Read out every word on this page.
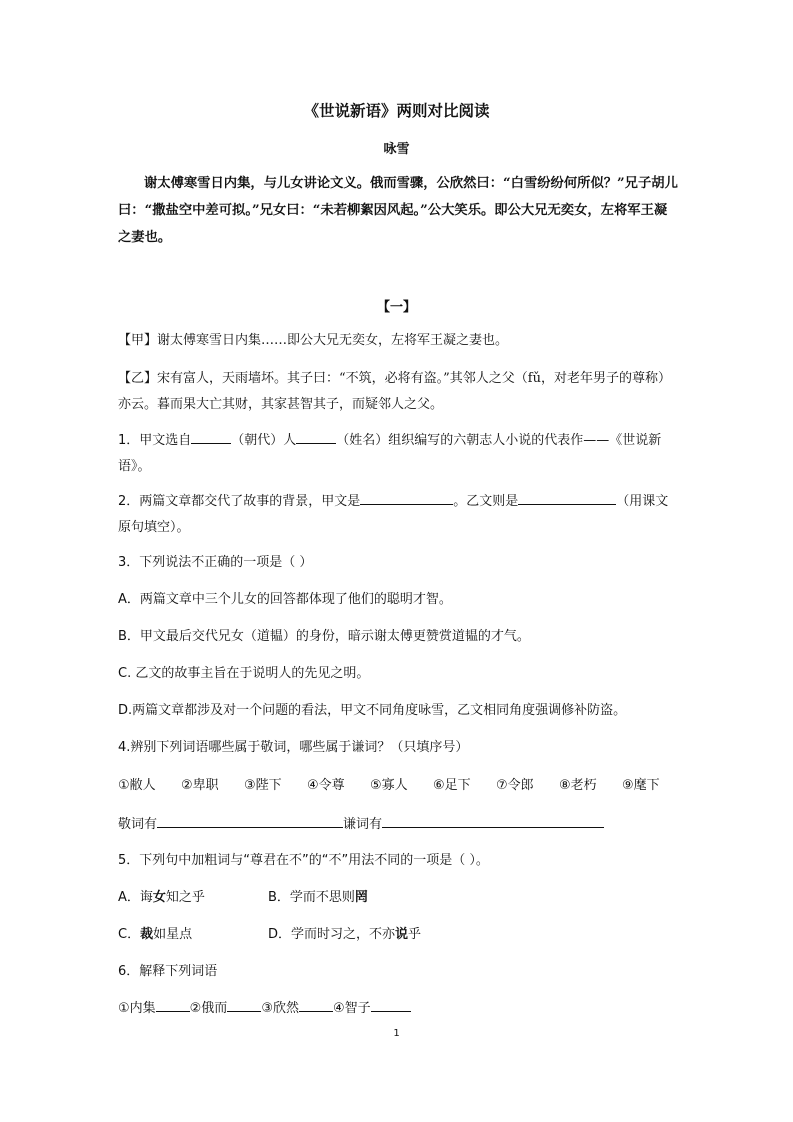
《世说新语》两则对比阅读
咏雪
谢太傅寒雪日内集，与儿女讲论文义。俄而雪骤，公欣然曰：“白雪纷纷何所似？”兄子胡儿曰：“撒盐空中差可拟。”兄女曰：“未若柳絮因风起。”公大笑乐。即公大兄无奕女，左将军王凝之妻也。
【一】
【甲】谢太傅寒雪日内集……即公大兄无奕女，左将军王凝之妻也。
【乙】宋有富人，天雨墙坏。其子曰：“不筑，必将有盗。”其邻人之父（fǔ，对老年男子的尊称）亦云。暮而果大亡其财，其家甚智其子，而疑邻人之父。
1．甲文选自	（朝代）人	（姓名）组织编写的六朝志人小说的代表作——《世说新语》。
2．两篇文章都交代了故事的背景，甲文是	。乙文则是	（用课文原句填空）。
3．下列说法不正确的一项是（ ）
A．两篇文章中三个儿女的回答都体现了他们的聪明才智。
B．甲文最后交代兄女（道韫）的身份，暗示谢太傅更赞赏道韫的才气。
C. 乙文的故事主旨在于说明人的先见之明。
D.两篇文章都涉及对一个问题的看法，甲文不同角度咏雪，乙文相同角度强调修补防盗。
4.辨别下列词语哪些属于敬词，哪些属于谦词？（只填序号）
①敝人 ②卑职 ③陛下 ④令尊 ⑤寡人 ⑥足下 ⑦令郎 ⑧老朽 ⑨麾下
敬词有	谦词有
5．下列句中加粗词与“尊君在不”的“不”用法不同的一项是（ ）。
A．诲女知之乎	B．学而不思则罔
C．裁如星点	D．学而时习之，不亦说乎
6．解释下列词语
①内集	②俄而	③欣然	④智子
1
